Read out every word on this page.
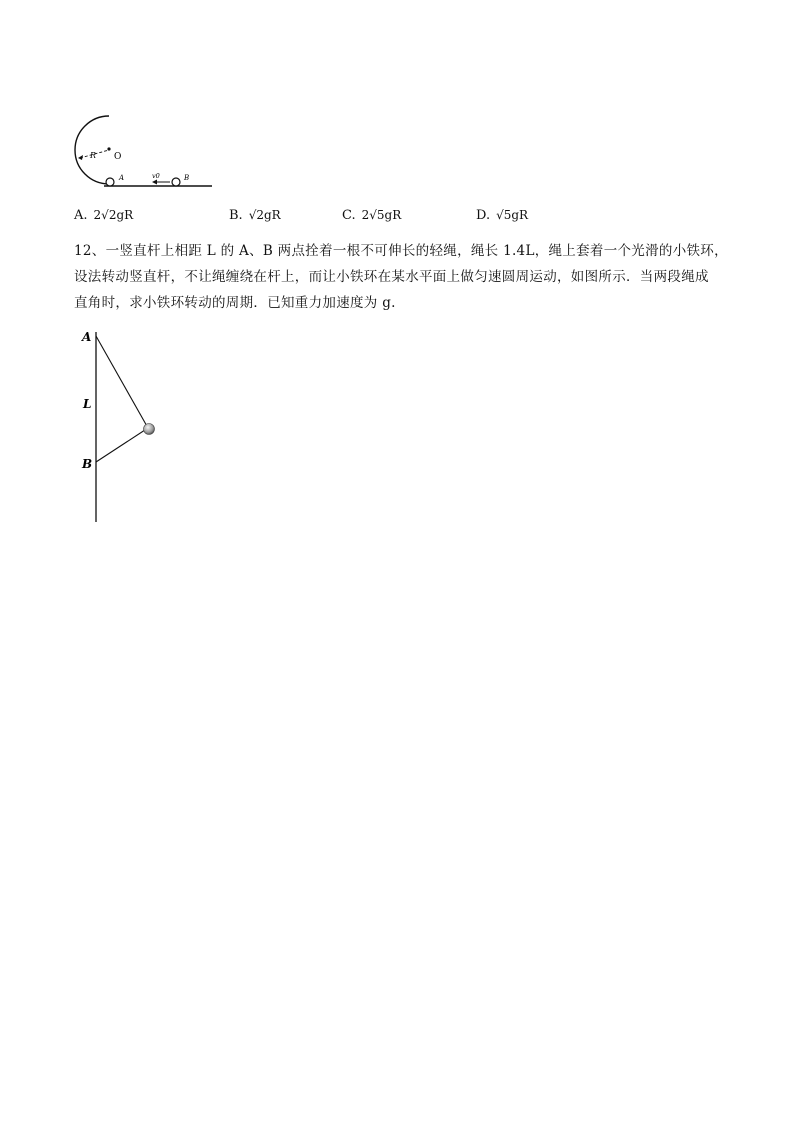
R O
A	v0	B
A. 2√2gR	B. √2gR	C. 2√5gR	D. √5gR

12、一竖直杆上相距 L 的 A、B 两点拴着一根不可伸长的轻绳，绳长 1.4L，绳上套着一个光滑的小铁环，

设法转动竖直杆，不让绳缠绕在杆上，而让小铁环在某水平面上做匀速圆周运动，如图所示．当两段绳成

直角时，求小铁环转动的周期．已知重力加速度为 g.

A
L
B
